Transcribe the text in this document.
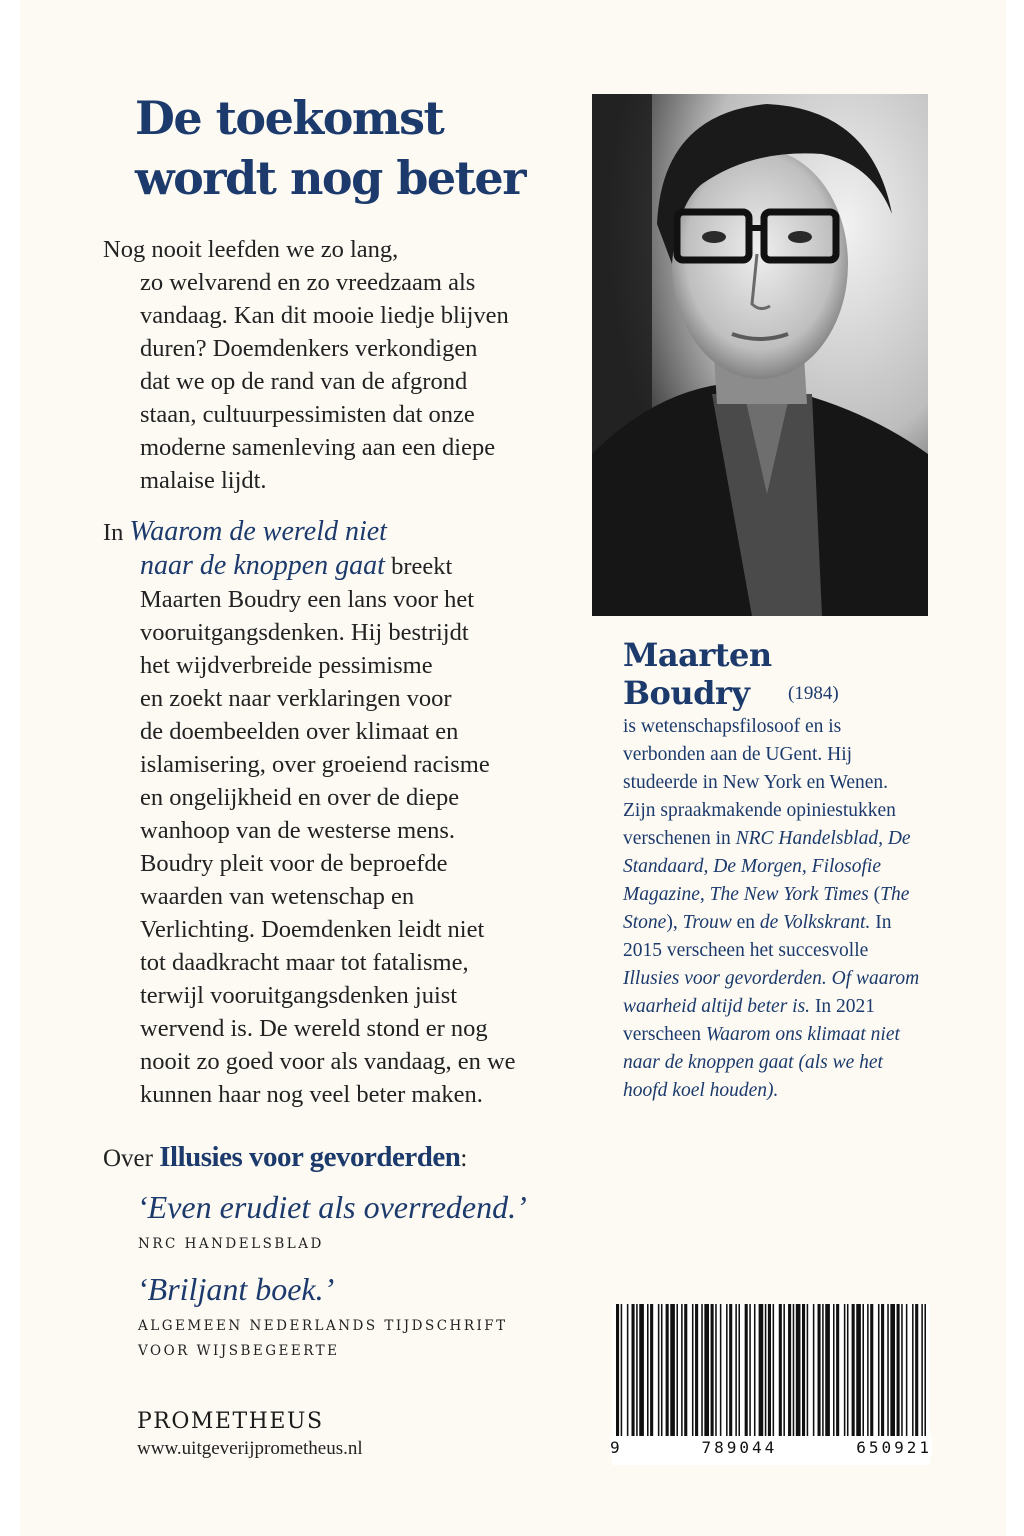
De toekomst
wordt nog beter

Nog nooit leefden we zo lang,
zo welvarend en zo vreedzaam als
vandaag. Kan dit mooie liedje blijven
duren? Doemdenkers verkondigen
dat we op de rand van de afgrond
staan, cultuurpessimisten dat onze
moderne samenleving aan een diepe
malaise lijdt.

In Waarom de wereld niet
naar de knoppen gaat breekt
Maarten Boudry een lans voor het
vooruitgangsdenken. Hij bestrijdt
het wijdverbreide pessimisme
en zoekt naar verklaringen voor
de doembeelden over klimaat en
islamisering, over groeiend racisme
en ongelijkheid en over de diepe
wanhoop van de westerse mens.
Boudry pleit voor de beproefde
waarden van wetenschap en
Verlichting. Doemdenken leidt niet
tot daadkracht maar tot fatalisme,
terwijl vooruitgangsdenken juist
wervend is. De wereld stond er nog
nooit zo goed voor als vandaag, en we
kunnen haar nog veel beter maken.

Over Illusies voor gevorderden:
‘Even erudiet als overredend.’
NRC HANDELSBLAD
‘Briljant boek.’
ALGEMEEN NEDERLANDS TIJDSCHRIFT
VOOR WIJSBEGEERTE
PROMETHEUS
www.uitgeverijprometheus.nl
Maarten
Boudry	(1984)

is wetenschapsfilosoof en is verbonden aan de UGent. Hij studeerde in New York en Wenen. Zijn spraakmakende opiniestukken verschenen in NRC Handelsblad, De Standaard, De Morgen, Filosofie Magazine, The New York Times (The Stone), Trouw en de Volkskrant. In 2015 verscheen het succesvolle Illusies voor gevorderden. Of waarom waarheid altijd beter is. In 2021 verscheen Waarom ons klimaat niet naar de knoppen gaat (als we het hoofd koel houden).

9	789044	650921
